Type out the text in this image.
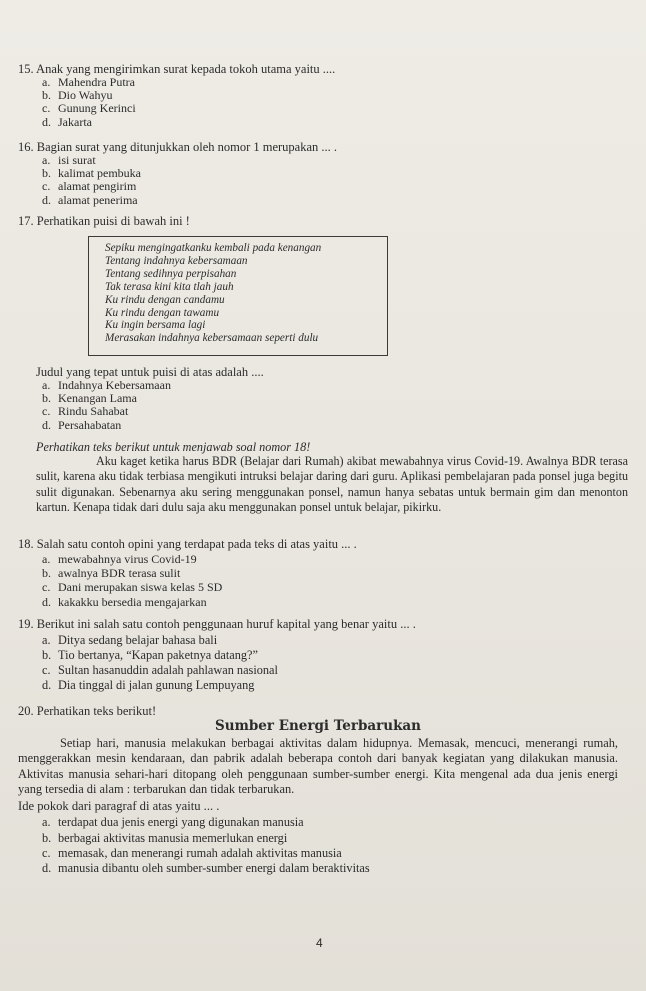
15. Anak yang mengirimkan surat kepada tokoh utama yaitu ....

a. Mahendra Putra
b. Dio Wahyu
c. Gunung Kerinci
d. Jakarta

16. Bagian surat yang ditunjukkan oleh nomor 1 merupakan ... .

a. isi surat
b. kalimat pembuka
c. alamat pengirim
d. alamat penerima

17. Perhatikan puisi di bawah ini !

Sepiku mengingatkanku kembali pada kenangan
Tentang indahnya kebersamaan
Tentang sedihnya perpisahan
Tak terasa kini kita tlah jauh
Ku rindu dengan candamu
Ku rindu dengan tawamu
Ku ingin bersama lagi
Merasakan indahnya kebersamaan seperti dulu

Judul yang tepat untuk puisi di atas adalah ....

a. Indahnya Kebersamaan
b. Kenangan Lama
c. Rindu Sahabat
d. Persahabatan

Perhatikan teks berikut untuk menjawab soal nomor 18!

Aku kaget ketika harus BDR (Belajar dari Rumah) akibat mewabahnya virus Covid-19. Awalnya BDR terasa sulit, karena aku tidak terbiasa mengikuti intruksi belajar daring dari guru. Aplikasi pembelajaran pada ponsel juga begitu sulit digunakan. Sebenarnya aku sering menggunakan ponsel, namun hanya sebatas untuk bermain gim dan menonton kartun. Kenapa tidak dari dulu saja aku menggunakan ponsel untuk belajar, pikirku.

18. Salah satu contoh opini yang terdapat pada teks di atas yaitu ... .

a. mewabahnya virus Covid-19
b. awalnya BDR terasa sulit
c. Dani merupakan siswa kelas 5 SD
d. kakakku bersedia mengajarkan

19. Berikut ini salah satu contoh penggunaan huruf kapital yang benar yaitu ... .

a. Ditya sedang belajar bahasa bali
b. Tio bertanya, “Kapan paketnya datang?”
c. Sultan hasanuddin adalah pahlawan nasional
d. Dia tinggal di jalan gunung Lempuyang

20. Perhatikan teks berikut!

Sumber Energi Terbarukan

Setiap hari, manusia melakukan berbagai aktivitas dalam hidupnya. Memasak, mencuci, menerangi rumah, menggerakkan mesin kendaraan, dan pabrik adalah beberapa contoh dari banyak kegiatan yang dilakukan manusia. Aktivitas manusia sehari-hari ditopang oleh penggunaan sumber-sumber energi. Kita mengenal ada dua jenis energi yang tersedia di alam : terbarukan dan tidak terbarukan.

Ide pokok dari paragraf di atas yaitu ... .

a. terdapat dua jenis energi yang digunakan manusia
b. berbagai aktivitas manusia memerlukan energi
c. memasak, dan menerangi rumah adalah aktivitas manusia
d. manusia dibantu oleh sumber-sumber energi dalam beraktivitas
4
